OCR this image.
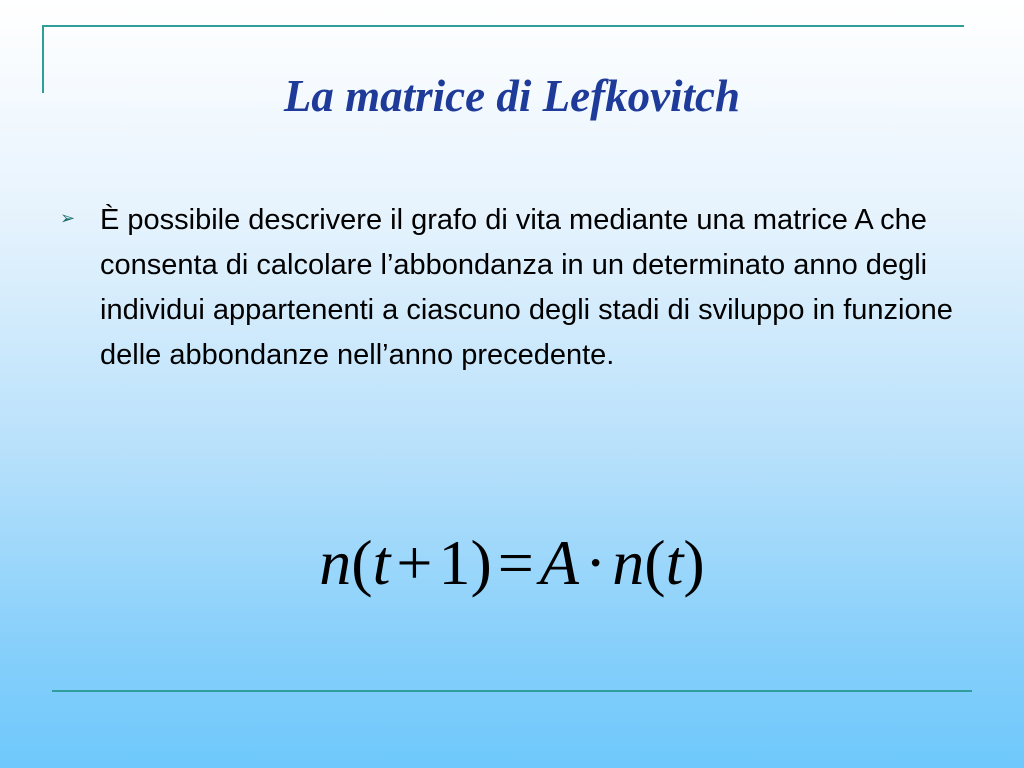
La matrice di Lefkovitch
➢ È possibile descrivere il grafo di vita mediante una matrice A che consenta di calcolare l’abbondanza in un determinato anno degli individui appartenenti a ciascuno degli stadi di sviluppo in funzione delle abbondanze nell’anno precedente.
n(t+1)=A·n(t)
